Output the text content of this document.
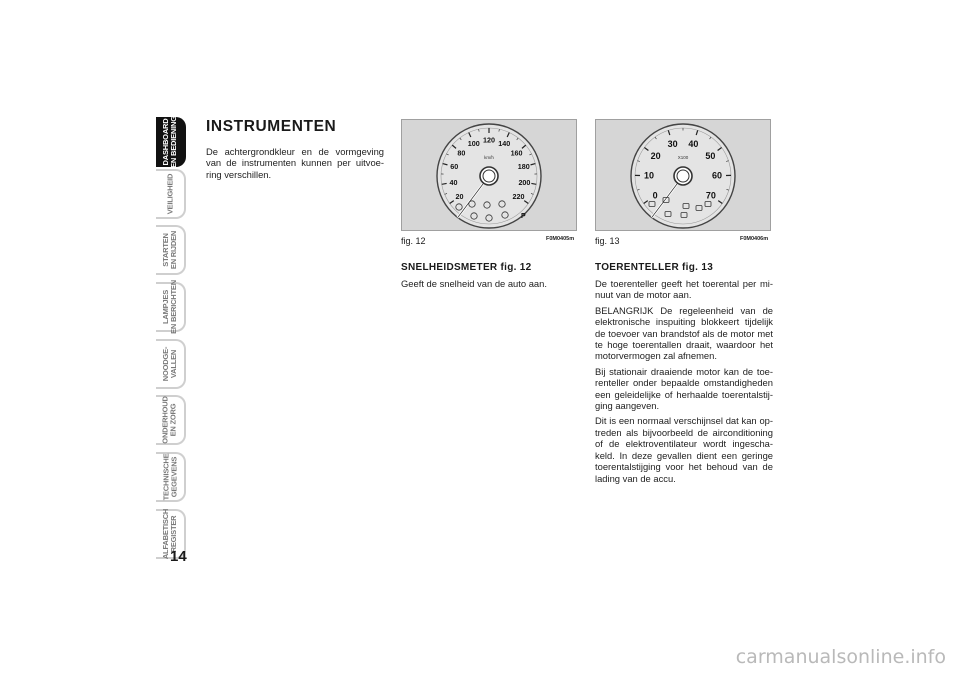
DASHBOARD
EN BEDIENING
VEILIGHEID
STARTEN
EN RIJDEN
LAMPJES
EN BERICHTEN
NOODGE-
VALLEN
ONDERHOUD
EN ZORG
TECHNISCHE
GEGEVENS
ALFABETISCH
REGISTER
14
INSTRUMENTEN

De achtergrondkleur en de vormgeving van de instrumenten kunnen per uitvoe-ring verschillen.

20
40
60
80
100 120 140
160
180
200
220
km/h
P
fig. 12	F0M0405m
0
10
20
30 40
50
60
70
X100
fig. 13	F0M0406m
SNELHEIDSMETER fig. 12

Geeft de snelheid van de auto aan.

TOERENTELLER fig. 13

De toerenteller geeft het toerental per mi-nuut van de motor aan.

BELANGRIJK De regeleenheid van de elektronische inspuiting blokkeert tijdelijk de toevoer van brandstof als de motor met te hoge toerentallen draait, waardoor het motorvermogen zal afnemen.

Bij stationair draaiende motor kan de toe-renteller onder bepaalde omstandigheden een geleidelijke of herhaalde toerentalstij-ging aangeven.

Dit is een normaal verschijnsel dat kan op-treden als bijvoorbeeld de airconditioning of de elektroventilateur wordt ingescha-keld. In deze gevallen dient een geringe toerentalstijging voor het behoud van de lading van de accu.

carmanualsonline.info
